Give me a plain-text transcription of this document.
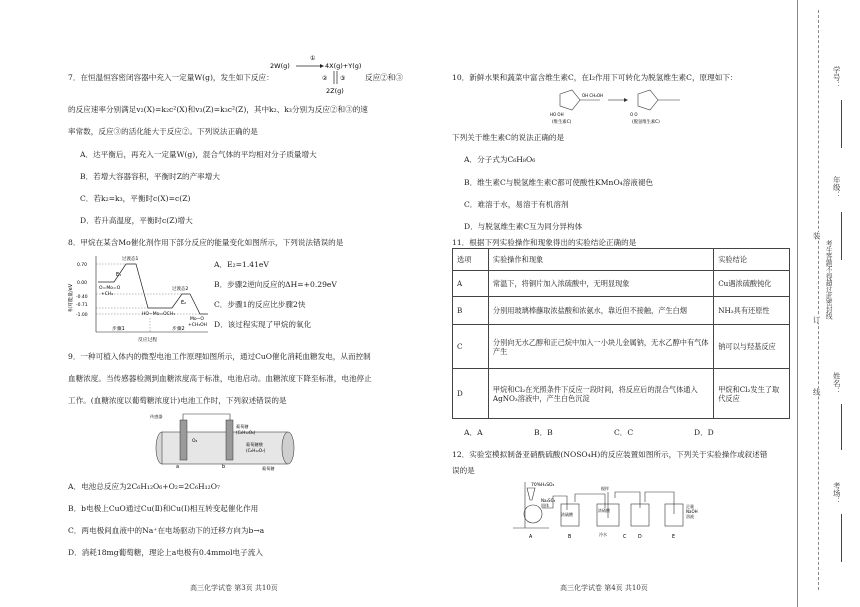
7．在恒温恒容密闭容器中充入一定量W(g)，发生如下反应：
2W(g)
①
4X(g)+Y(g)
② ③
2Z(g)
反应②和③
的反应速率分别满足v₂(X)=k₂c²(X)和v₃(Z)=k₃c²(Z)，其中k₂、k₃分别为反应②和③的速
率常数，反应③的活化能大于反应②。下列说法正确的是
A．达平衡后，再充入一定量W(g)，混合气体的平均相对分子质量增大
B．若增大容器容积，平衡时Z的产率增大
C．若k₂=k₃，平衡时c(X)=c(Z)
D．若升高温度，平衡时c(Z)增大
8．甲烷在某含Mo催化剂作用下部分反应的能量变化如图所示，下列说法错误的是
相对能量/eV
0.70
0.00
-0.40
-0.71
-1.00
过渡态1
过渡态2
O=Mo=O
+CH₄
HO−Mo=OCH₃
Mo−O
+CH₃OH
E₁
E₂
步骤1	步骤2
反应过程
A．E₂=1.41eV
B．步骤2逆向反应的ΔH=+0.29eV
C．步骤1的反应比步骤2快
D．该过程实现了甲烷的氧化
9．一种可植入体内的微型电池工作原理如图所示，通过CuO催化消耗血糖发电，从而控制
血糖浓度。当传感器检测到血糖浓度高于标准，电池启动。血糖浓度下降至标准，电池停止
工作。(血糖浓度以葡萄糖浓度计)电池工作时，下列叙述错误的是
a	b
O₂
葡萄糖
(C₆H₁₂O₆)
葡萄糖酸
(C₆H₁₂O₇)
葡萄糖
传感器
A．电池总反应为2C₆H₁₂O₆+O₂=2C₆H₁₂O₇
B．b电极上CuO通过Cu(Ⅱ)和Cu(Ⅰ)相互转变起催化作用
C．两电极间血液中的Na⁺在电场驱动下的迁移方向为b→a
D．消耗18mg葡萄糖，理论上a电极有0.4mmol电子流入
高三化学试卷 第3页 共10页
10．新鲜水果和蔬菜中富含维生素C，在I₂作用下可转化为脱氢维生素C，原理如下：
OH CH₂OH
HO OH
(维生素C)
O O
(脱氢维生素C)
下列关于维生素C的说法正确的是
A．分子式为C₆H₈O₆
B．维生素C与脱氢维生素C都可使酸性KMnO₄溶液褪色
C．难溶于水，易溶于有机溶剂
D．与脱氢维生素C互为同分异构体
11．根据下列实验操作和现象得出的实验结论正确的是
选项	实验操作和现象	实验结论
A	常温下，将铜片加入浓硫酸中，无明显现象	Cu遇浓硫酸钝化
B	分别用玻璃棒蘸取浓盐酸和浓氨水，靠近但不接触，产生白烟	NH₃具有还原性
C	分别向无水乙醇和正己烷中加入一小块儿金属钠，无水乙醇中有气体产生	钠可以与羟基反应
D	甲烷和Cl₂在光照条件下反应一段时间，将反应后的混合气体通入AgNO₃溶液中，产生白色沉淀	甲烷和Cl₂发生了取代反应
A．A	B．B	C．C	D．D
12．实验室模拟制备亚硝酰硫酸(NOSO₄H)的反应装置如图所示，下列关于实验操作或叙述错
误的是
70%H₂SO₄
Na₂SO₃
固体
浓硫酸
浓硝酸
冷水
搅拌
足量
NaOH
溶液
A	B	C D	E
高三化学试卷 第4页 共10页
装
订
线
考生答题不得超过此密封线
学号：
年级：
姓名：
考场：
